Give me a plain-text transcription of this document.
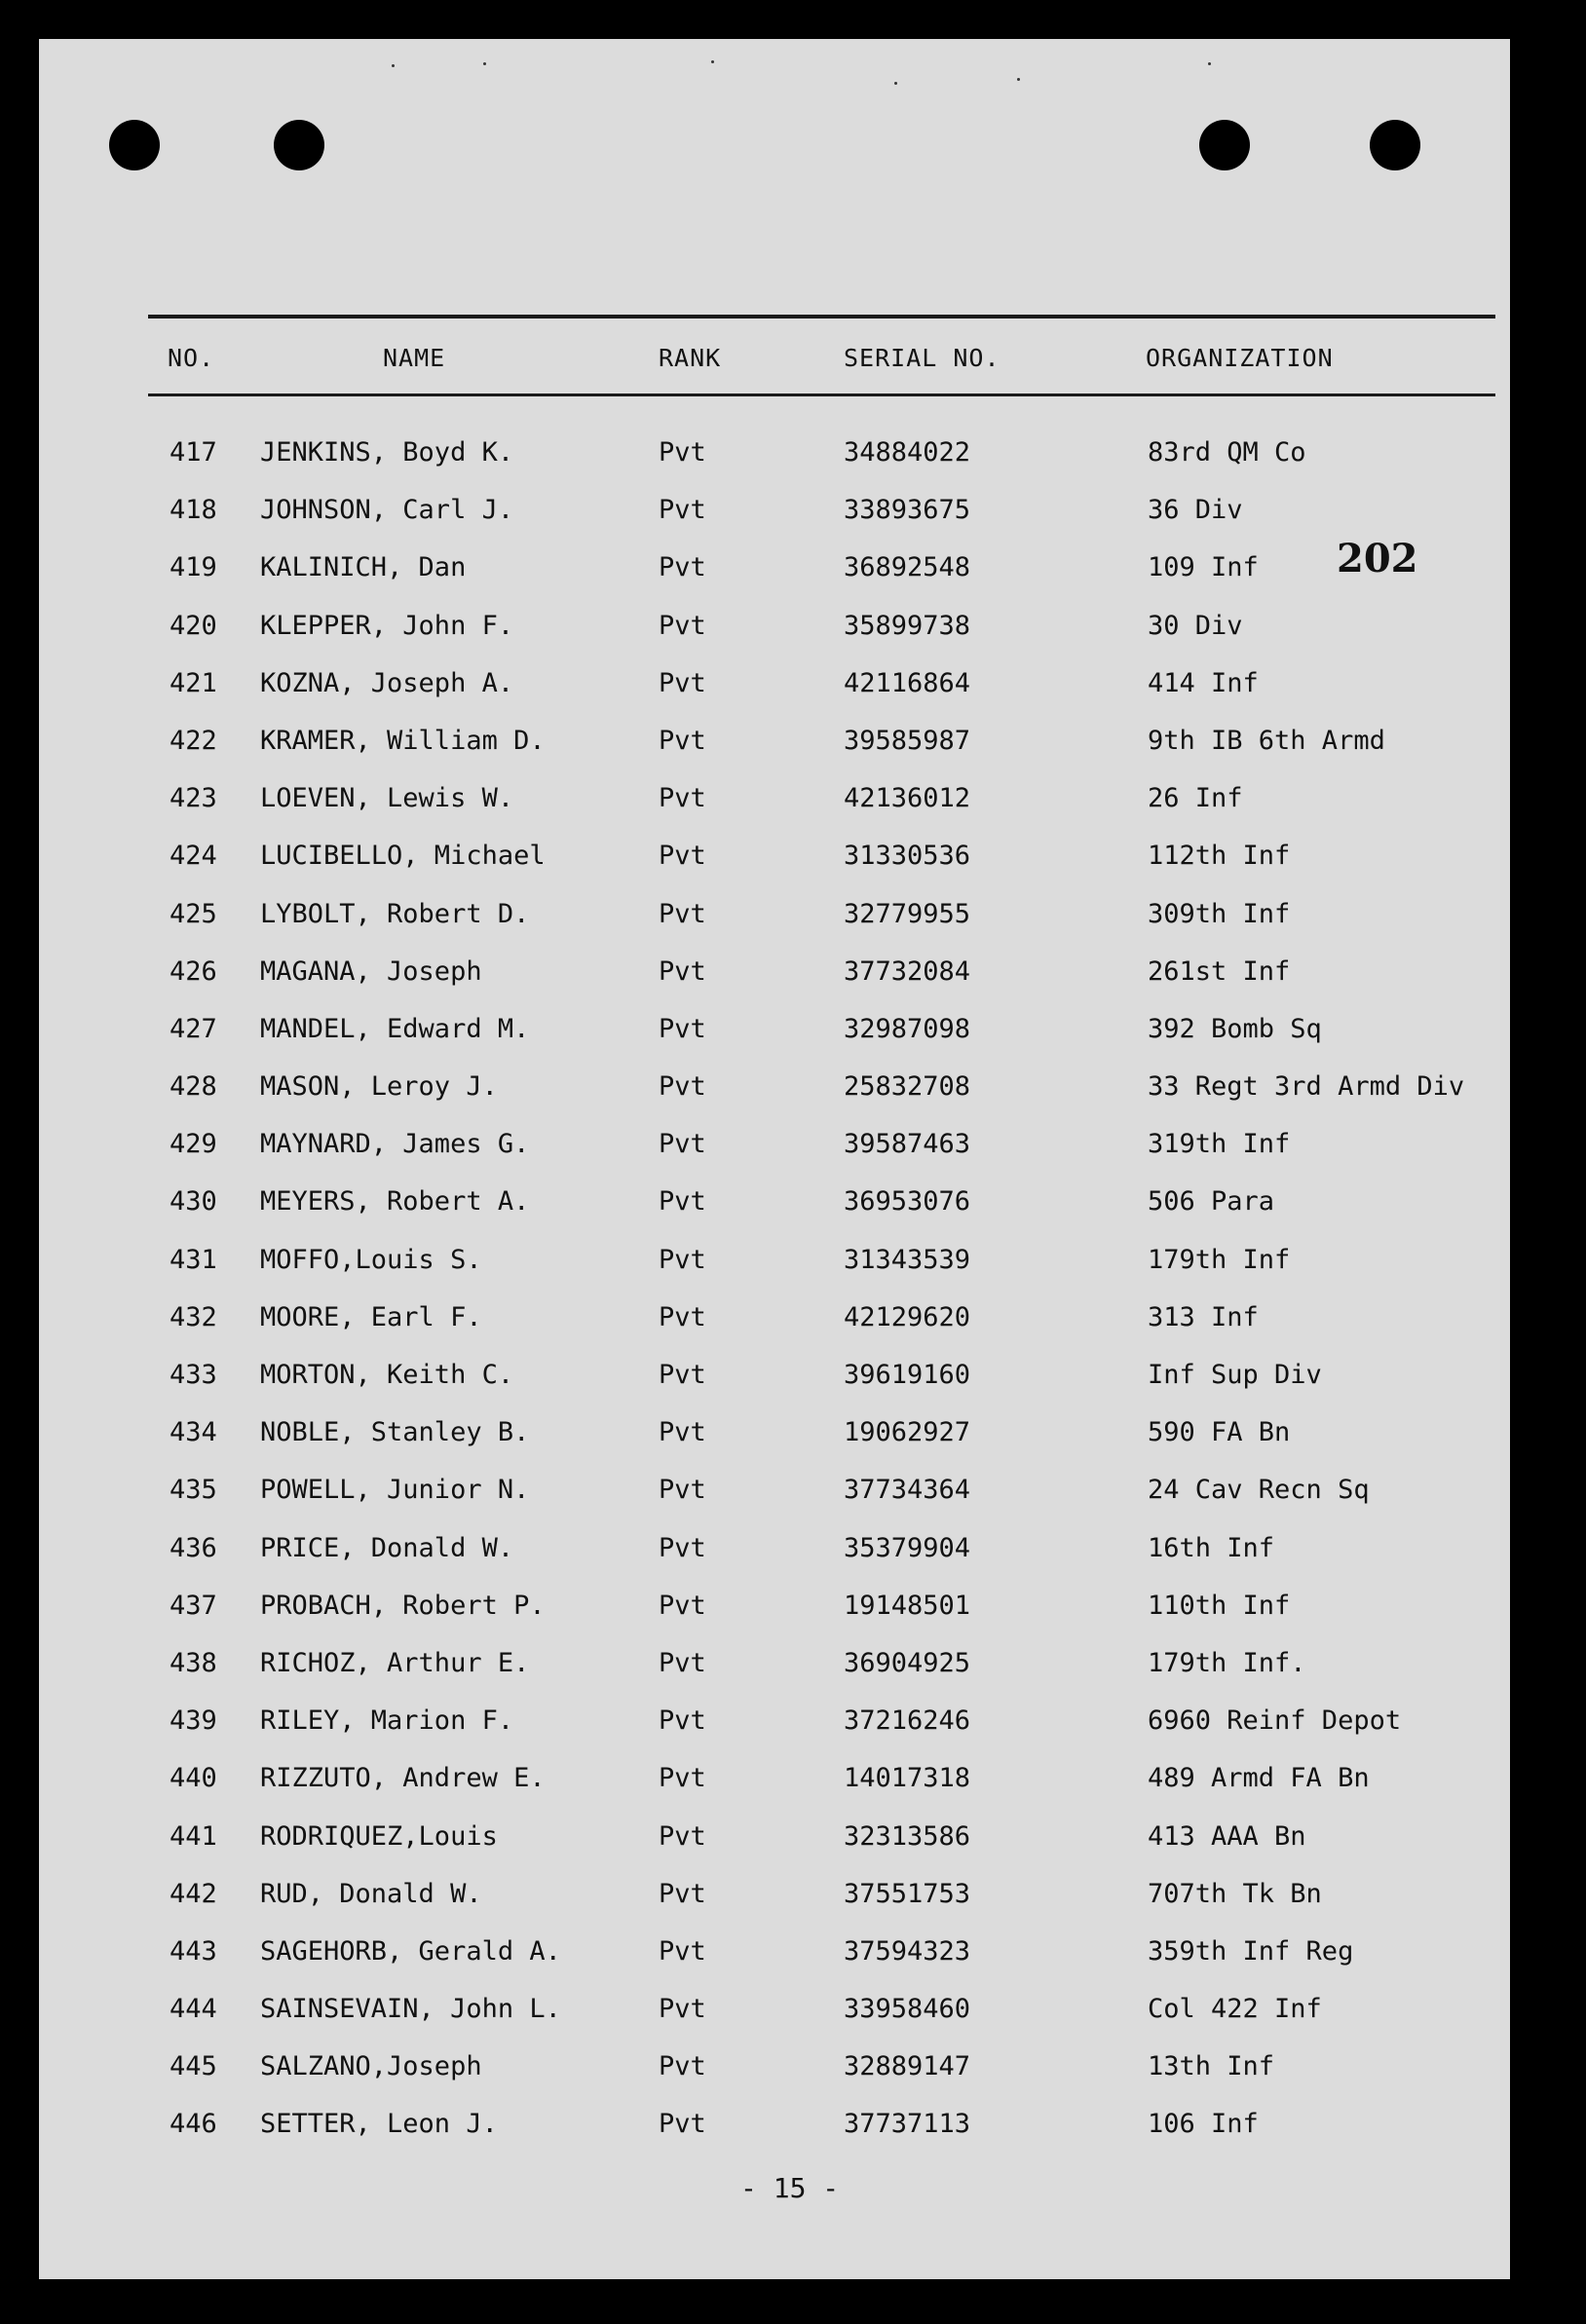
NO.	NAME	RANK	SERIAL NO.	ORGANIZATION
202
417 JENKINS, Boyd K.	Pvt	34884022	83rd QM Co
418 JOHNSON, Carl J.	Pvt	33893675	36 Div
419 KALINICH, Dan	Pvt	36892548	109 Inf
420 KLEPPER, John F.	Pvt	35899738	30 Div
421 KOZNA, Joseph A.	Pvt	42116864	414 Inf
422 KRAMER, William D.	Pvt	39585987	9th IB 6th Armd
423 LOEVEN, Lewis W.	Pvt	42136012	26 Inf
424 LUCIBELLO, Michael	Pvt	31330536	112th Inf
425 LYBOLT, Robert D.	Pvt	32779955	309th Inf
426 MAGANA, Joseph	Pvt	37732084	261st Inf
427 MANDEL, Edward M.	Pvt	32987098	392 Bomb Sq
428 MASON, Leroy J.	Pvt	25832708	33 Regt 3rd Armd Div
429 MAYNARD, James G.	Pvt	39587463	319th Inf
430 MEYERS, Robert A.	Pvt	36953076	506 Para
431 MOFFO,Louis S.	Pvt	31343539	179th Inf
432 MOORE, Earl F.	Pvt	42129620	313 Inf
433 MORTON, Keith C.	Pvt	39619160	Inf Sup Div
434 NOBLE, Stanley B.	Pvt	19062927	590 FA Bn
435 POWELL, Junior N.	Pvt	37734364	24 Cav Recn Sq
436 PRICE, Donald W.	Pvt	35379904	16th Inf
437 PROBACH, Robert P.	Pvt	19148501	110th Inf
438 RICHOZ, Arthur E.	Pvt	36904925	179th Inf.
439 RILEY, Marion F.	Pvt	37216246	6960 Reinf Depot
440 RIZZUTO, Andrew E.	Pvt	14017318	489 Armd FA Bn
441 RODRIQUEZ,Louis	Pvt	32313586	413 AAA Bn
442 RUD, Donald W.	Pvt	37551753	707th Tk Bn
443 SAGEHORB, Gerald A.	Pvt	37594323	359th Inf Reg
444 SAINSEVAIN, John L.	Pvt	33958460	Col 422 Inf
445 SALZANO,Joseph	Pvt	32889147	13th Inf
446 SETTER, Leon J.	Pvt	37737113	106 Inf
- 15 -
